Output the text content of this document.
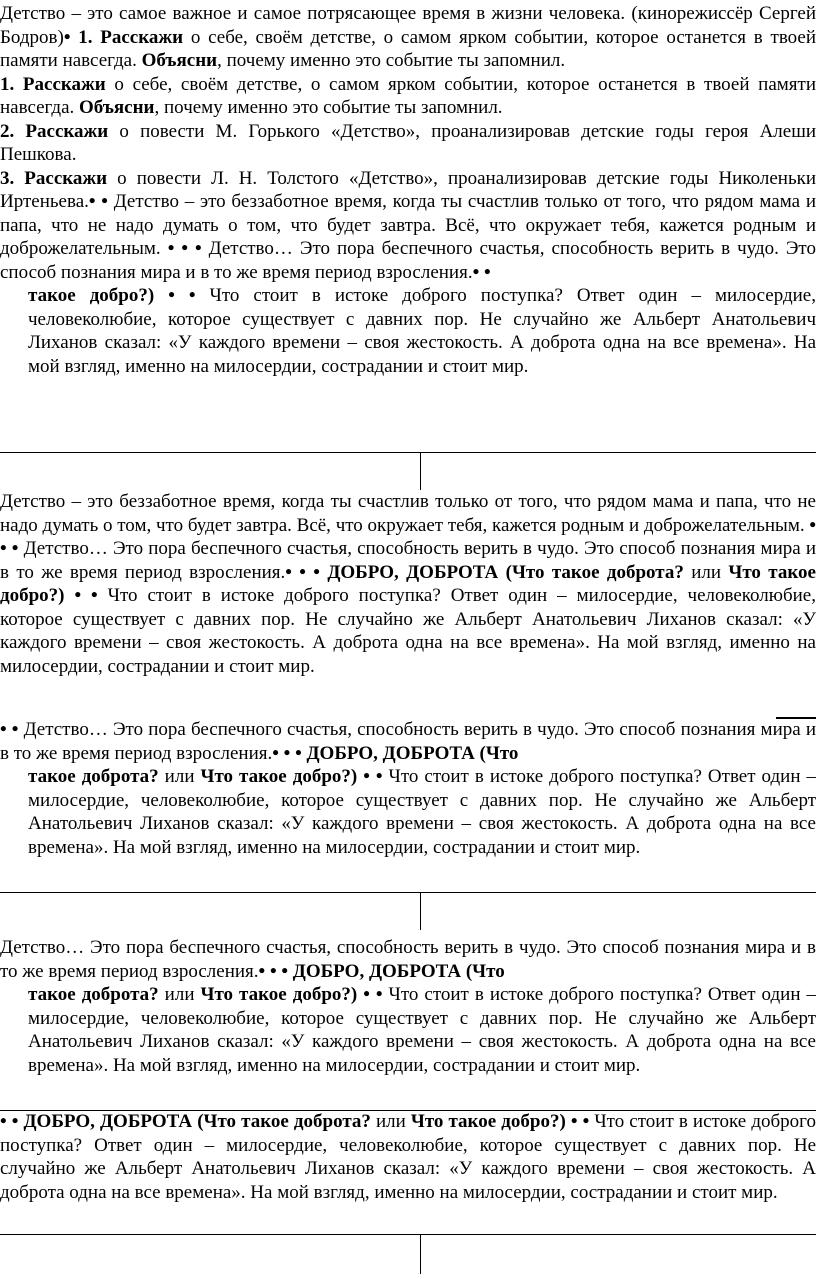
Детство – это самое важное и самое потрясающее время в жизни человека. (кинорежиссёр Сергей Бодров)• 1. Расскажи о себе, своём детстве, о самом ярком событии, которое останется в твоей памяти навсегда. Объясни, почему именно это событие ты запомнил.

1. Расскажи о себе, своём детстве, о самом ярком событии, которое останется в твоей памяти навсегда. Объясни, почему именно это событие ты запомнил.

2. Расскажи о повести М. Горького «Детство», проанализировав детские годы героя Алеши Пешкова.

3. Расскажи о повести Л. Н. Толстого «Детство», проанализировав детские годы Николеньки Иртеньева.• • Детство – это беззаботное время, когда ты счастлив только от того, что рядом мама и папа, что не надо думать о том, что будет завтра. Всё, что окружает тебя, кажется родным и доброжелательным. • • • Детство… Это пора беспечного счастья, способность верить в чудо. Это способ познания мира и в то же время период взросления.• •

такое добро?) • • Что стоит в истоке доброго поступка? Ответ один – милосердие, человеколюбие, которое существует с давних пор. Не случайно же Альберт Анатольевич Лиханов сказал: «У каждого времени – своя жестокость. А доброта одна на все времена». На мой взгляд, именно на милосердии, сострадании и стоит мир.

Детство – это беззаботное время, когда ты счастлив только от того, что рядом мама и папа, что не надо думать о том, что будет завтра. Всё, что окружает тебя, кажется родным и доброжелательным. • • • Детство… Это пора беспечного счастья, способность верить в чудо. Это способ познания мира и в то же время период взросления.• • • ДОБРО, ДОБРОТА (Что такое доброта? или Что такое добро?) • • Что стоит в истоке доброго поступка? Ответ один – милосердие, человеколюбие, которое существует с давних пор. Не случайно же Альберт Анатольевич Лиханов сказал: «У каждого времени – своя жестокость. А доброта одна на все времена». На мой взгляд, именно на милосердии, сострадании и стоит мир.

• • Детство… Это пора беспечного счастья, способность верить в чудо. Это способ познания мира и в то же время период взросления.• • • ДОБРО, ДОБРОТА (Что

такое доброта? или Что такое добро?) • • Что стоит в истоке доброго поступка? Ответ один – милосердие, человеколюбие, которое существует с давних пор. Не случайно же Альберт Анатольевич Лиханов сказал: «У каждого времени – своя жестокость. А доброта одна на все времена». На мой взгляд, именно на милосердии, сострадании и стоит мир.

Детство… Это пора беспечного счастья, способность верить в чудо. Это способ познания мира и в то же время период взросления.• • • ДОБРО, ДОБРОТА (Что

такое доброта? или Что такое добро?) • • Что стоит в истоке доброго поступка? Ответ один – милосердие, человеколюбие, которое существует с давних пор. Не случайно же Альберт Анатольевич Лиханов сказал: «У каждого времени – своя жестокость. А доброта одна на все времена». На мой взгляд, именно на милосердии, сострадании и стоит мир.

• • ДОБРО, ДОБРОТА (Что такое доброта? или Что такое добро?) • • Что стоит в истоке доброго поступка? Ответ один – милосердие, человеколюбие, которое существует с давних пор. Не случайно же Альберт Анатольевич Лиханов сказал: «У каждого времени – своя жестокость. А доброта одна на все времена». На мой взгляд, именно на милосердии, сострадании и стоит мир.
